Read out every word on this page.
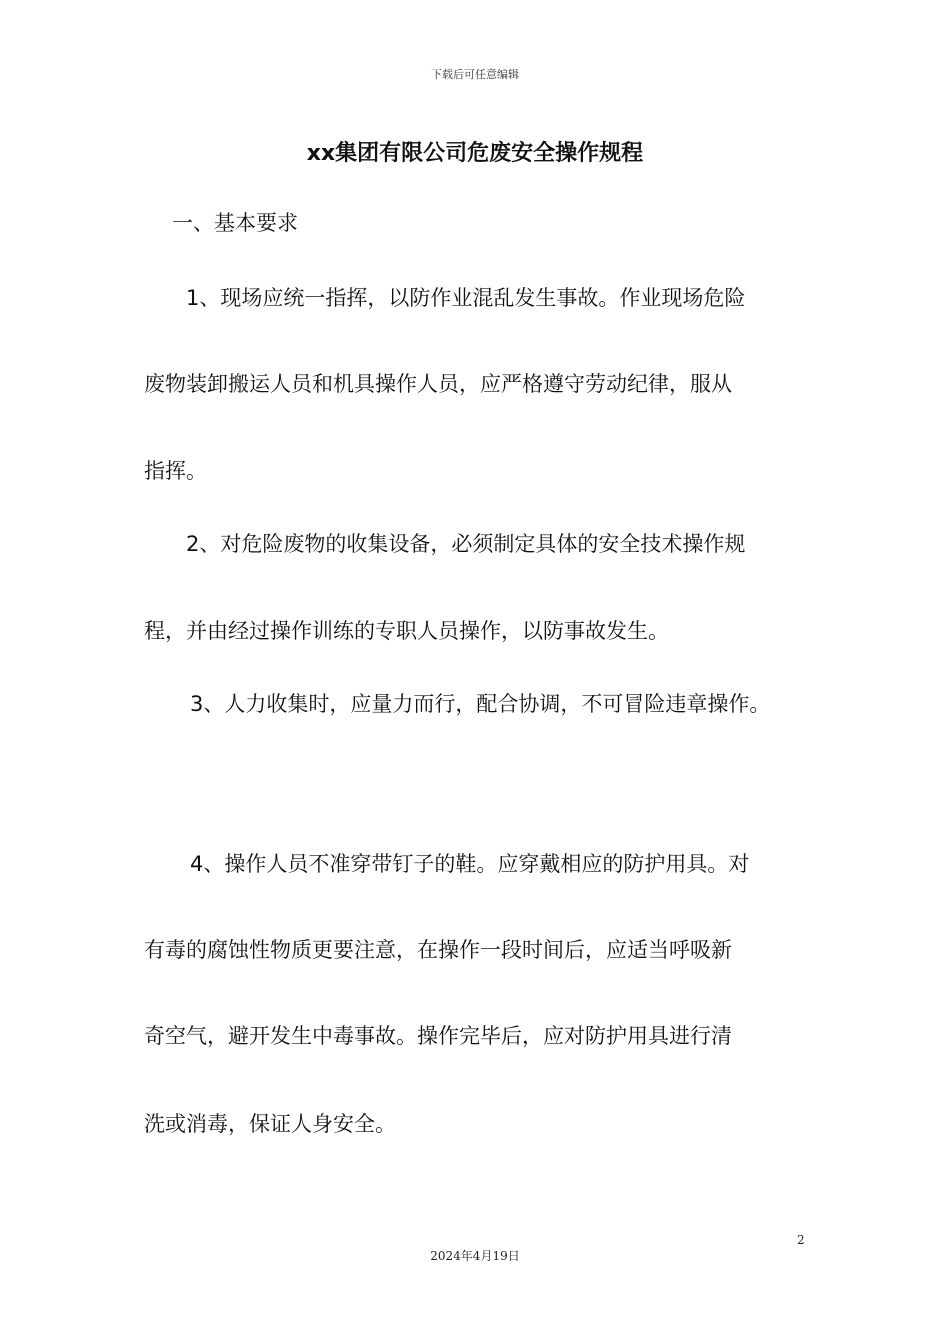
下载后可任意编辑
xx集团有限公司危废安全操作规程
一、基本要求
1、现场应统一指挥，以防作业混乱发生事故。作业现场危险
废物装卸搬运人员和机具操作人员，应严格遵守劳动纪律，服从
指挥。
2、对危险废物的收集设备，必须制定具体的安全技术操作规
程，并由经过操作训练的专职人员操作，以防事故发生。
3、人力收集时，应量力而行，配合协调，不可冒险违章操作。
4、操作人员不准穿带钉子的鞋。应穿戴相应的防护用具。对
有毒的腐蚀性物质更要注意，在操作一段时间后，应适当呼吸新
奇空气，避开发生中毒事故。操作完毕后，应对防护用具进行清
洗或消毒，保证人身安全。
2
2024年4月19日
